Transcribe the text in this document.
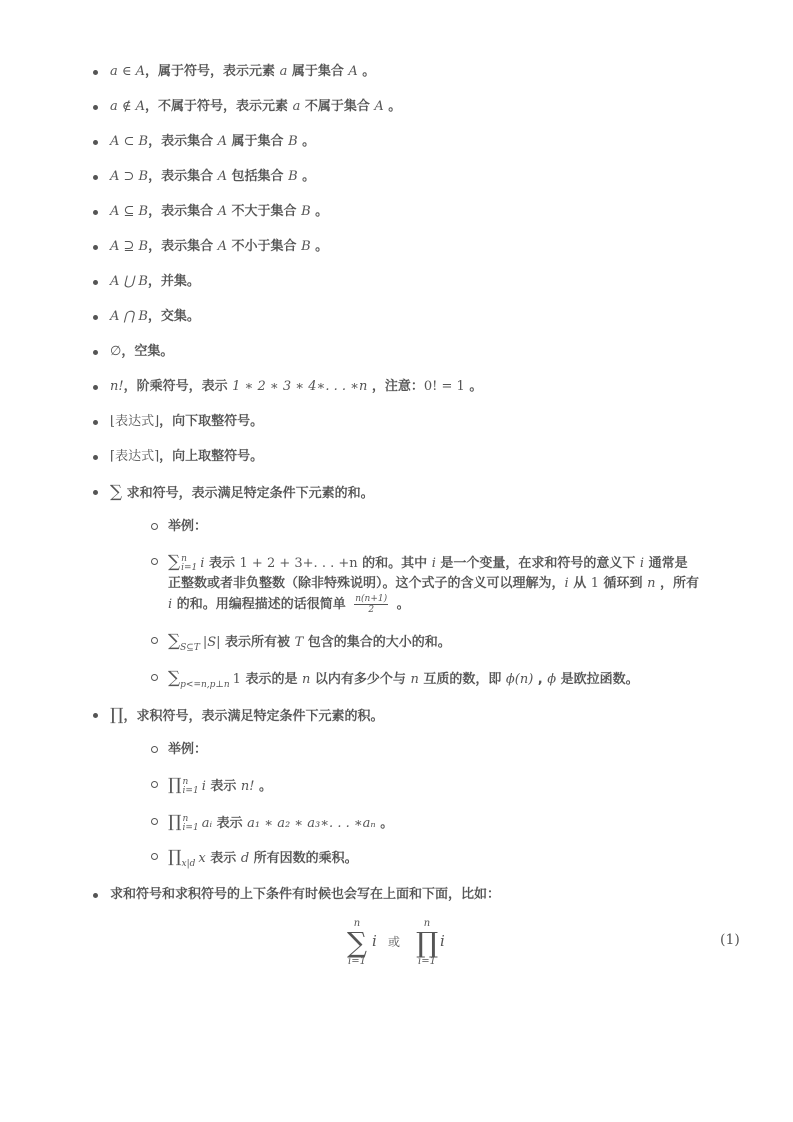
a ∈ A，属于符号，表示元素 a 属于集合 A 。
a ∉ A，不属于符号，表示元素 a 不属于集合 A 。
A ⊂ B，表示集合 A 属于集合 B 。
A ⊃ B，表示集合 A 包括集合 B 。
A ⊆ B，表示集合 A 不大于集合 B 。
A ⊇ B，表示集合 A 不小于集合 B 。
A ⋃ B，并集。
A ⋂ B，交集。
∅，空集。
n!，阶乘符号，表示 1 ∗ 2 ∗ 3 ∗ 4∗. . . ∗n ，注意：0! = 1 。
⌊表达式⌋，向下取整符号。
⌈表达式⌉，向上取整符号。
∑ 求和符号，表示满足特定条件下元素的和。
举例：
∑ n
i=1 i 表示 1 + 2 + 3+. . . +n 的和。其中 i 是一个变量，在求和符号的意义下 i 通常是
正整数或者非负整数（除非特殊说明）。这个式子的含义可以理解为，i 从 1 循环到 n ，所有
i 的和。用编程描述的话很简单 $\frac{n(n+1)}{2}$ 。
$\sum_{S⊆T}$ |S| 表示所有被 T 包含的集合的大小的和。
$\sum_{p<=n,p\perp n}$ 1 表示的是 n 以内有多少个与 n 互质的数，即 ϕ(n) , ϕ 是欧拉函数。
∏，求积符号，表示满足特定条件下元素的积。
举例：
∏ n
i=1 i 表示 n! 。
∏ n
i=1 aᵢ 表示 a₁ ∗ a₂ ∗ a₃∗. . . ∗aₙ 。
$\prod_{x|d}$ x 表示 d 所有因数的乘积。
求和符号和求积符号的上下条件有时候也会写在上面和下面，比如：
n
∑
i=1
i 或
n
∏
i=1
i	(1)
